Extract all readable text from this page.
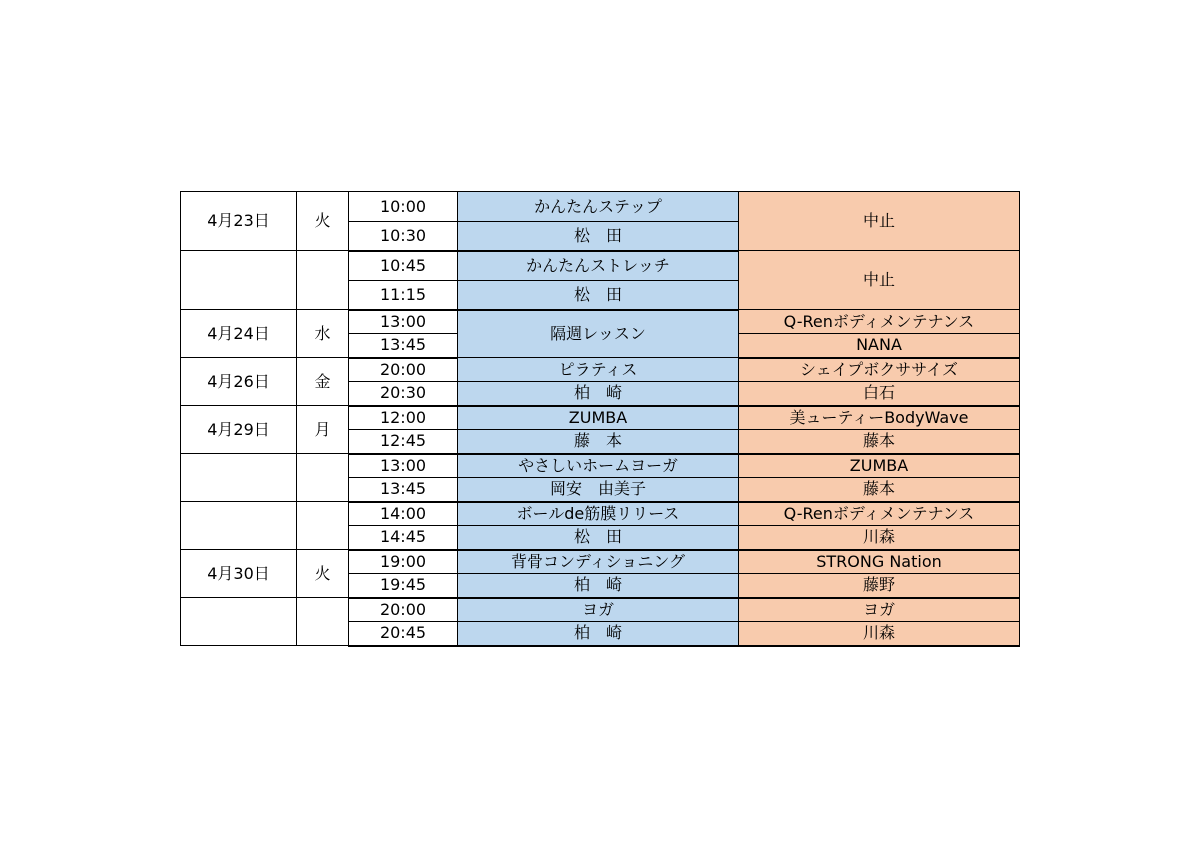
4月23日	火	10:00	かんたんステップ	中止
		10:30	松　田	
		10:45	かんたんストレッチ	中止
		11:15	松　田	
4月24日	水	13:00	隔週レッスン	Q-Renボディメンテナンス
		13:45		NANA
4月26日	金	20:00	ピラティス	シェイプボクササイズ
		20:30	柏　崎	白石
4月29日	月	12:00	ZUMBA	美ューティーBodyWave
		12:45	藤　本	藤本
		13:00	やさしいホームヨーガ	ZUMBA
		13:45	岡安　由美子	藤本
		14:00	ボールde筋膜リリース	Q-Renボディメンテナンス
		14:45	松　田	川森
4月30日	火	19:00	背骨コンディショニング	STRONG Nation
		19:45	柏　崎	藤野
		20:00	ヨガ	ヨガ
		20:45	柏　崎	川森
